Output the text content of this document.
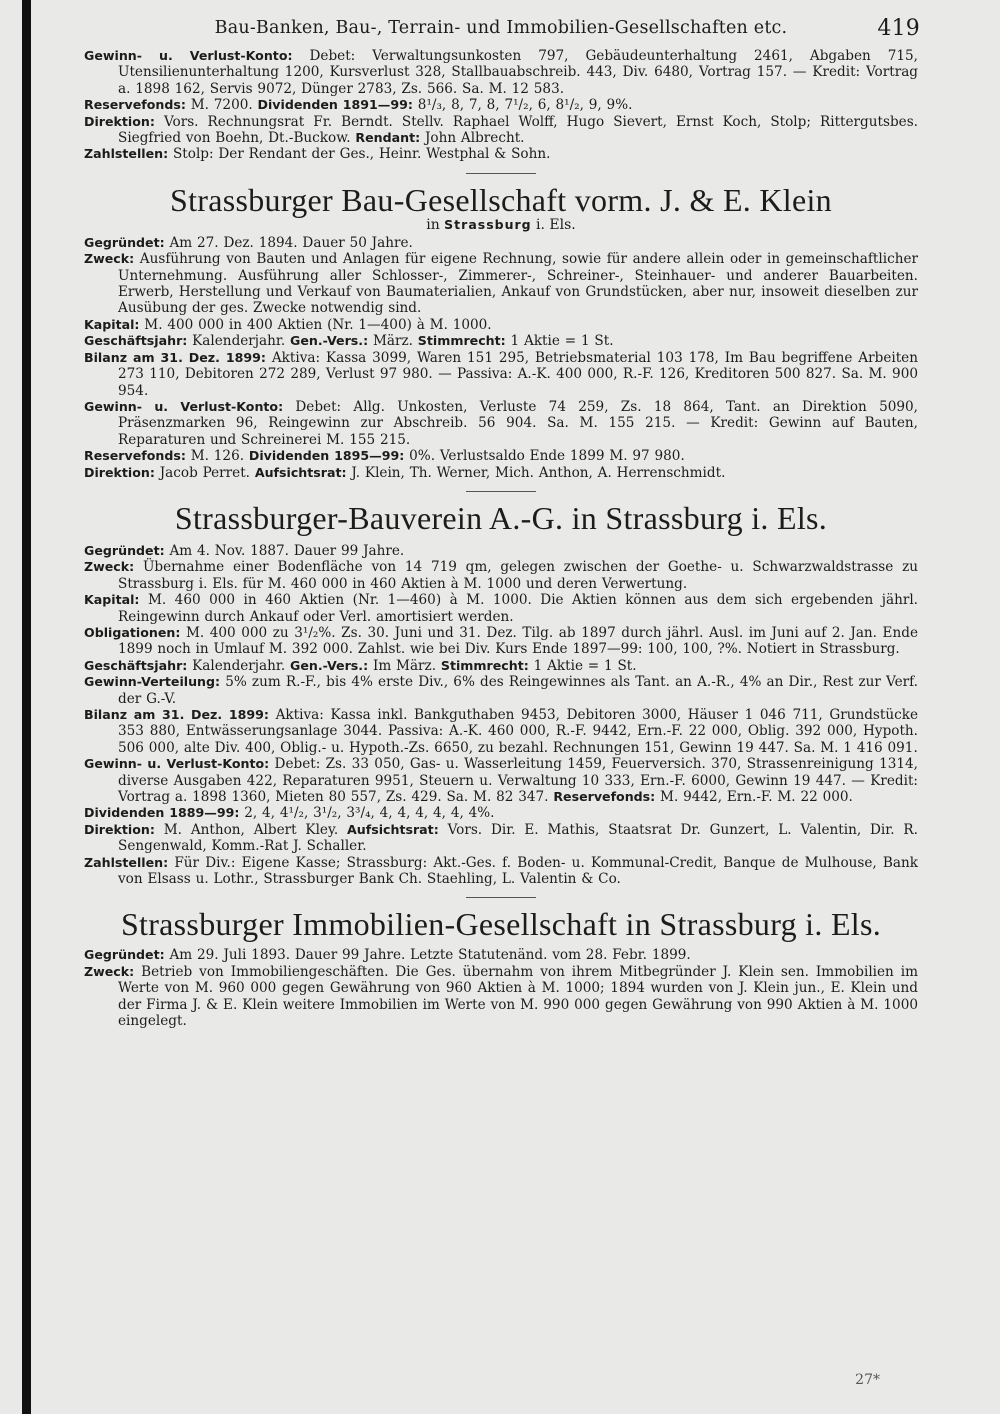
Bau-Banken, Bau-, Terrain- und Immobilien-Gesellschaften etc.	419

Gewinn- u. Verlust-Konto: Debet: Verwaltungsunkosten 797, Gebäudeunterhaltung 2461, Abgaben 715, Utensilienunterhaltung 1200, Kursverlust 328, Stallbauabschreib. 443, Div. 6480, Vortrag 157. — Kredit: Vortrag a. 1898 162, Servis 9072, Dünger 2783, Zs. 566. Sa. M. 12 583.

Reservefonds: M. 7200. Dividenden 1891—99: 8¹/₃, 8, 7, 8, 7¹/₂, 6, 8¹/₂, 9, 9%.

Direktion: Vors. Rechnungsrat Fr. Berndt. Stellv. Raphael Wolff, Hugo Sievert, Ernst Koch, Stolp; Rittergutsbes. Siegfried von Boehn, Dt.-Buckow. Rendant: John Albrecht.

Zahlstellen: Stolp: Der Rendant der Ges., Heinr. Westphal & Sohn.

Strassburger Bau-Gesellschaft vorm. J. & E. Klein
in Strassburg i. Els.

Gegründet: Am 27. Dez. 1894. Dauer 50 Jahre.

Zweck: Ausführung von Bauten und Anlagen für eigene Rechnung, sowie für andere allein oder in gemeinschaftlicher Unternehmung. Ausführung aller Schlosser-, Zimmerer-, Schreiner-, Steinhauer- und anderer Bauarbeiten. Erwerb, Herstellung und Verkauf von Baumaterialien, Ankauf von Grundstücken, aber nur, insoweit dieselben zur Ausübung der ges. Zwecke notwendig sind.

Kapital: M. 400 000 in 400 Aktien (Nr. 1—400) à M. 1000.

Geschäftsjahr: Kalenderjahr. Gen.-Vers.: März. Stimmrecht: 1 Aktie = 1 St.

Bilanz am 31. Dez. 1899: Aktiva: Kassa 3099, Waren 151 295, Betriebsmaterial 103 178, Im Bau begriffene Arbeiten 273 110, Debitoren 272 289, Verlust 97 980. — Passiva: A.-K. 400 000, R.-F. 126, Kreditoren 500 827. Sa. M. 900 954.

Gewinn- u. Verlust-Konto: Debet: Allg. Unkosten, Verluste 74 259, Zs. 18 864, Tant. an Direktion 5090, Präsenzmarken 96, Reingewinn zur Abschreib. 56 904. Sa. M. 155 215. — Kredit: Gewinn auf Bauten, Reparaturen und Schreinerei M. 155 215.

Reservefonds: M. 126. Dividenden 1895—99: 0%. Verlustsaldo Ende 1899 M. 97 980.

Direktion: Jacob Perret. Aufsichtsrat: J. Klein, Th. Werner, Mich. Anthon, A. Herrenschmidt.

Strassburger-Bauverein A.-G. in Strassburg i. Els.

Gegründet: Am 4. Nov. 1887. Dauer 99 Jahre.

Zweck: Übernahme einer Bodenfläche von 14 719 qm, gelegen zwischen der Goethe- u. Schwarzwaldstrasse zu Strassburg i. Els. für M. 460 000 in 460 Aktien à M. 1000 und deren Verwertung.

Kapital: M. 460 000 in 460 Aktien (Nr. 1—460) à M. 1000. Die Aktien können aus dem sich ergebenden jährl. Reingewinn durch Ankauf oder Verl. amortisiert werden.

Obligationen: M. 400 000 zu 3¹/₂%. Zs. 30. Juni und 31. Dez. Tilg. ab 1897 durch jährl. Ausl. im Juni auf 2. Jan. Ende 1899 noch in Umlauf M. 392 000. Zahlst. wie bei Div. Kurs Ende 1897—99: 100, 100, ?%. Notiert in Strassburg.

Geschäftsjahr: Kalenderjahr. Gen.-Vers.: Im März. Stimmrecht: 1 Aktie = 1 St.

Gewinn-Verteilung: 5% zum R.-F., bis 4% erste Div., 6% des Reingewinnes als Tant. an A.-R., 4% an Dir., Rest zur Verf. der G.-V.

Bilanz am 31. Dez. 1899: Aktiva: Kassa inkl. Bankguthaben 9453, Debitoren 3000, Häuser 1 046 711, Grundstücke 353 880, Entwässerungsanlage 3044. Passiva: A.-K. 460 000, R.-F. 9442, Ern.-F. 22 000, Oblig. 392 000, Hypoth. 506 000, alte Div. 400, Oblig.- u. Hypoth.-Zs. 6650, zu bezahl. Rechnungen 151, Gewinn 19 447. Sa. M. 1 416 091.

Gewinn- u. Verlust-Konto: Debet: Zs. 33 050, Gas- u. Wasserleitung 1459, Feuerversich. 370, Strassenreinigung 1314, diverse Ausgaben 422, Reparaturen 9951, Steuern u. Verwaltung 10 333, Ern.-F. 6000, Gewinn 19 447. — Kredit: Vortrag a. 1898 1360, Mieten 80 557, Zs. 429. Sa. M. 82 347. Reservefonds: M. 9442, Ern.-F. M. 22 000.

Dividenden 1889—99: 2, 4, 4¹/₂, 3¹/₂, 3³/₄, 4, 4, 4, 4, 4, 4%.

Direktion: M. Anthon, Albert Kley. Aufsichtsrat: Vors. Dir. E. Mathis, Staatsrat Dr. Gunzert, L. Valentin, Dir. R. Sengenwald, Komm.-Rat J. Schaller.

Zahlstellen: Für Div.: Eigene Kasse; Strassburg: Akt.-Ges. f. Boden- u. Kommunal-Credit, Banque de Mulhouse, Bank von Elsass u. Lothr., Strassburger Bank Ch. Staehling, L. Valentin & Co.

Strassburger Immobilien-Gesellschaft in Strassburg i. Els.

Gegründet: Am 29. Juli 1893. Dauer 99 Jahre. Letzte Statutenänd. vom 28. Febr. 1899.

Zweck: Betrieb von Immobiliengeschäften. Die Ges. übernahm von ihrem Mitbegründer J. Klein sen. Immobilien im Werte von M. 960 000 gegen Gewährung von 960 Aktien à M. 1000; 1894 wurden von J. Klein jun., E. Klein und der Firma J. & E. Klein weitere Immobilien im Werte von M. 990 000 gegen Gewährung von 990 Aktien à M. 1000 eingelegt.

27*
